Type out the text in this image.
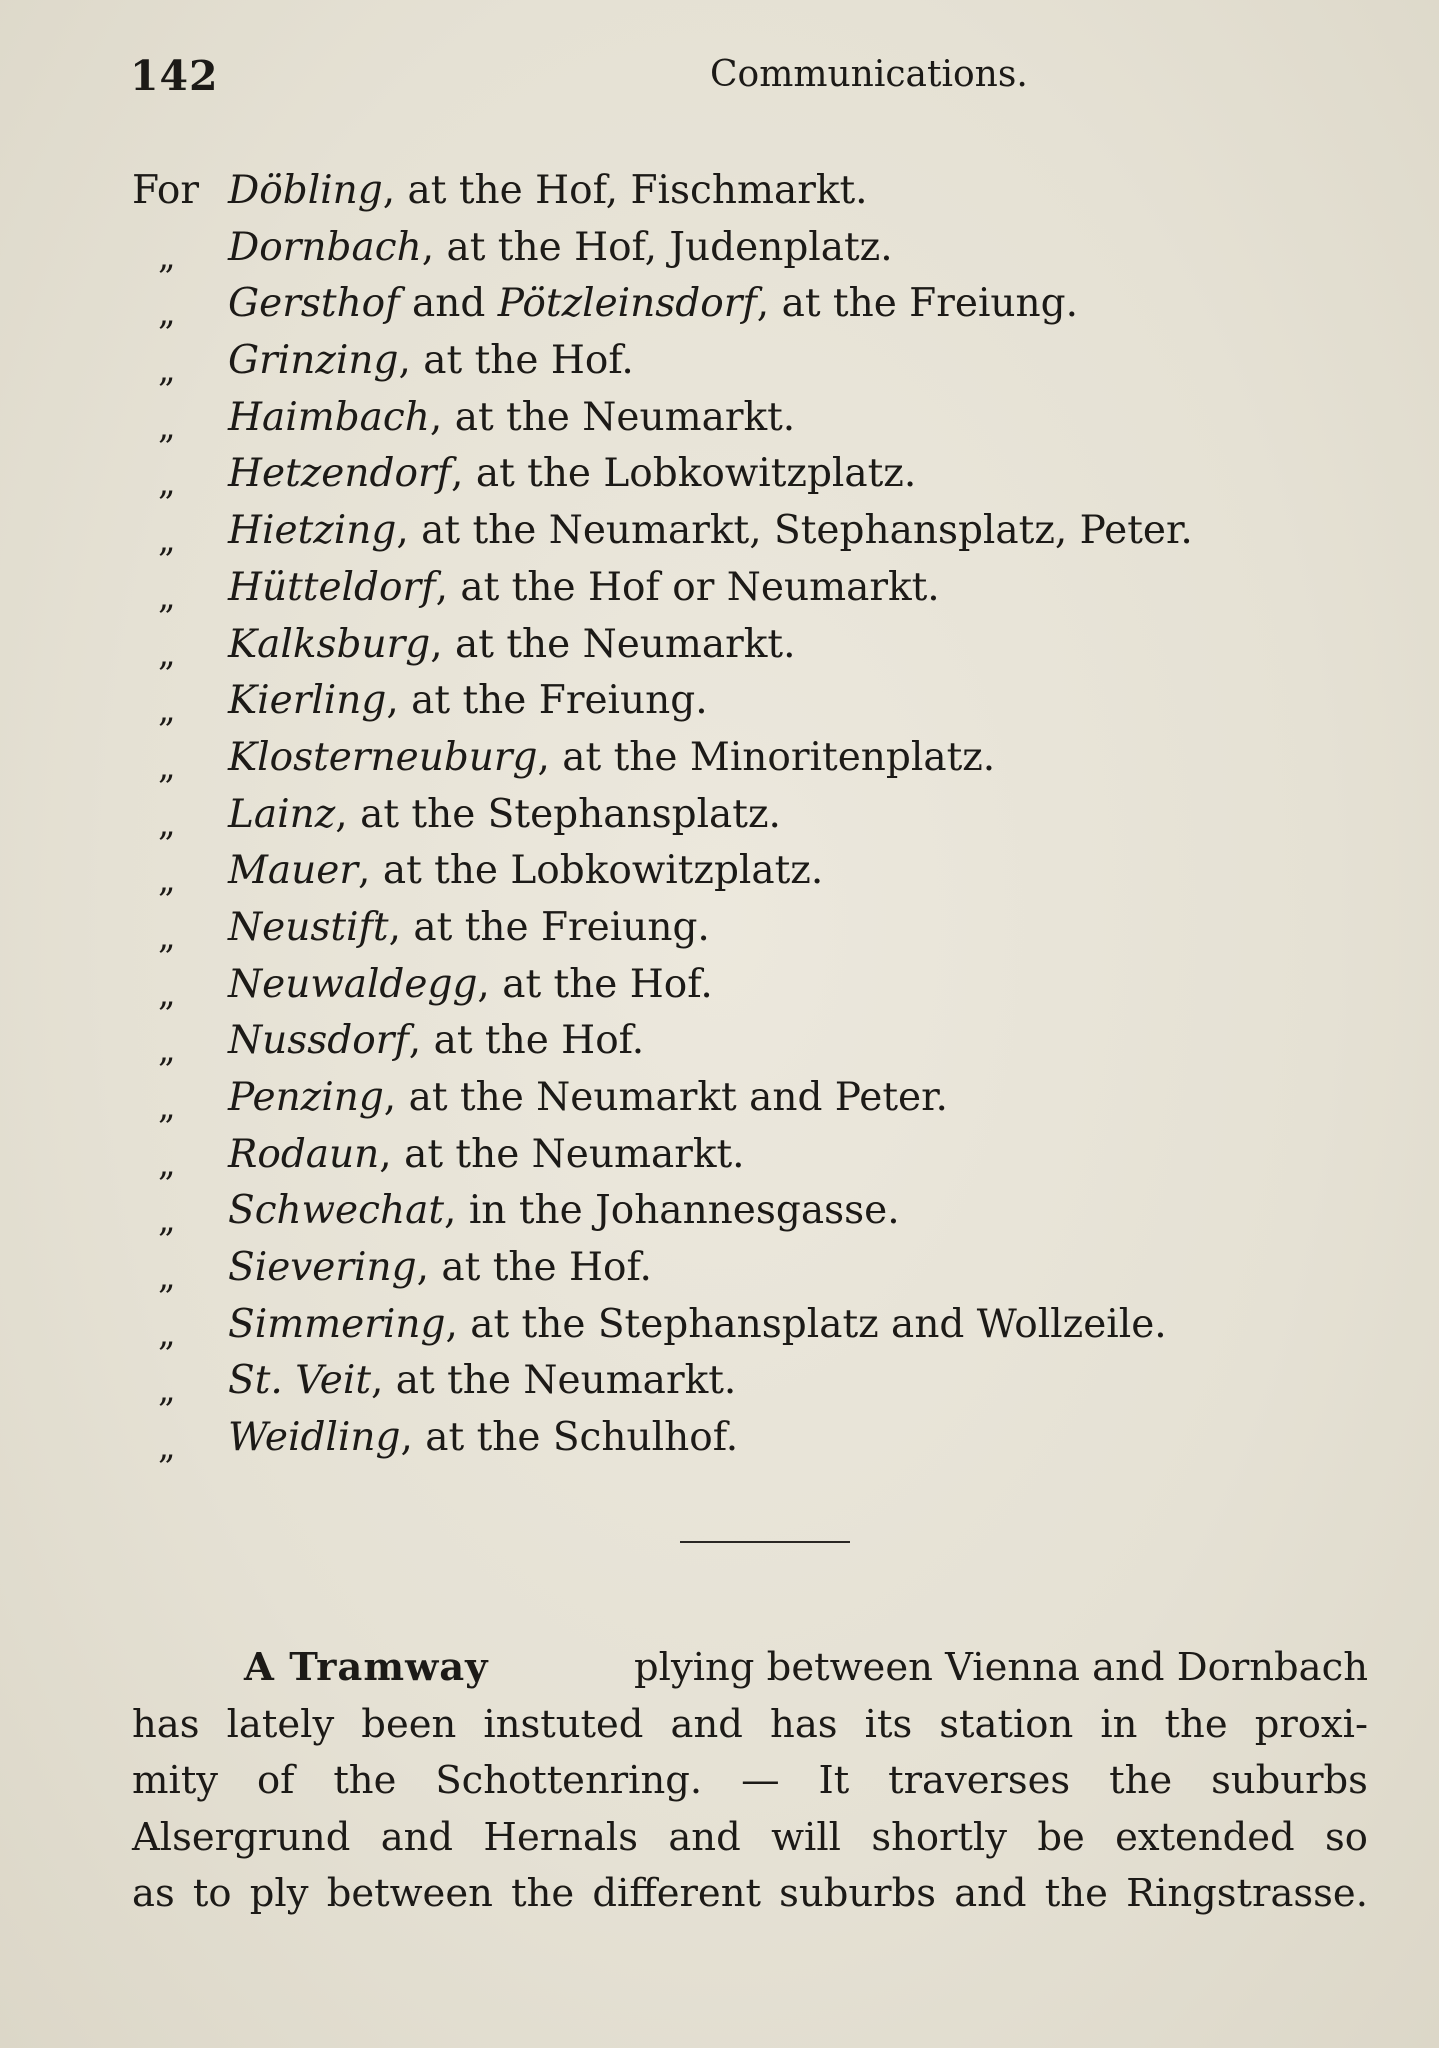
142	Communications.
For Döbling, at the Hof, Fischmarkt.
„ Dornbach, at the Hof, Judenplatz.
„ Gersthof and Pötzleinsdorf, at the Freiung.
„ Grinzing, at the Hof.
„ Haimbach, at the Neumarkt.
„ Hetzendorf, at the Lobkowitzplatz.
„ Hietzing, at the Neumarkt, Stephansplatz, Peter.
„ Hütteldorf, at the Hof or Neumarkt.
„ Kalksburg, at the Neumarkt.
„ Kierling, at the Freiung.
„ Klosterneuburg, at the Minoritenplatz.
„ Lainz, at the Stephansplatz.
„ Mauer, at the Lobkowitzplatz.
„ Neustift, at the Freiung.
„ Neuwaldegg, at the Hof.
„ Nussdorf, at the Hof.
„ Penzing, at the Neumarkt and Peter.
„ Rodaun, at the Neumarkt.
„ Schwechat, in the Johannesgasse.
„ Sievering, at the Hof.
„ Simmering, at the Stephansplatz and Wollzeile.
„ St. Veit, at the Neumarkt.
„ Weidling, at the Schulhof.
A Tramway	plying between Vienna and Dornbach
has lately been instuted and has its station in the proxi-
mity of the Schottenring. — It traverses the suburbs
Alsergrund and Hernals and will shortly be extended so
as to ply between the different suburbs and the Ringstrasse.
